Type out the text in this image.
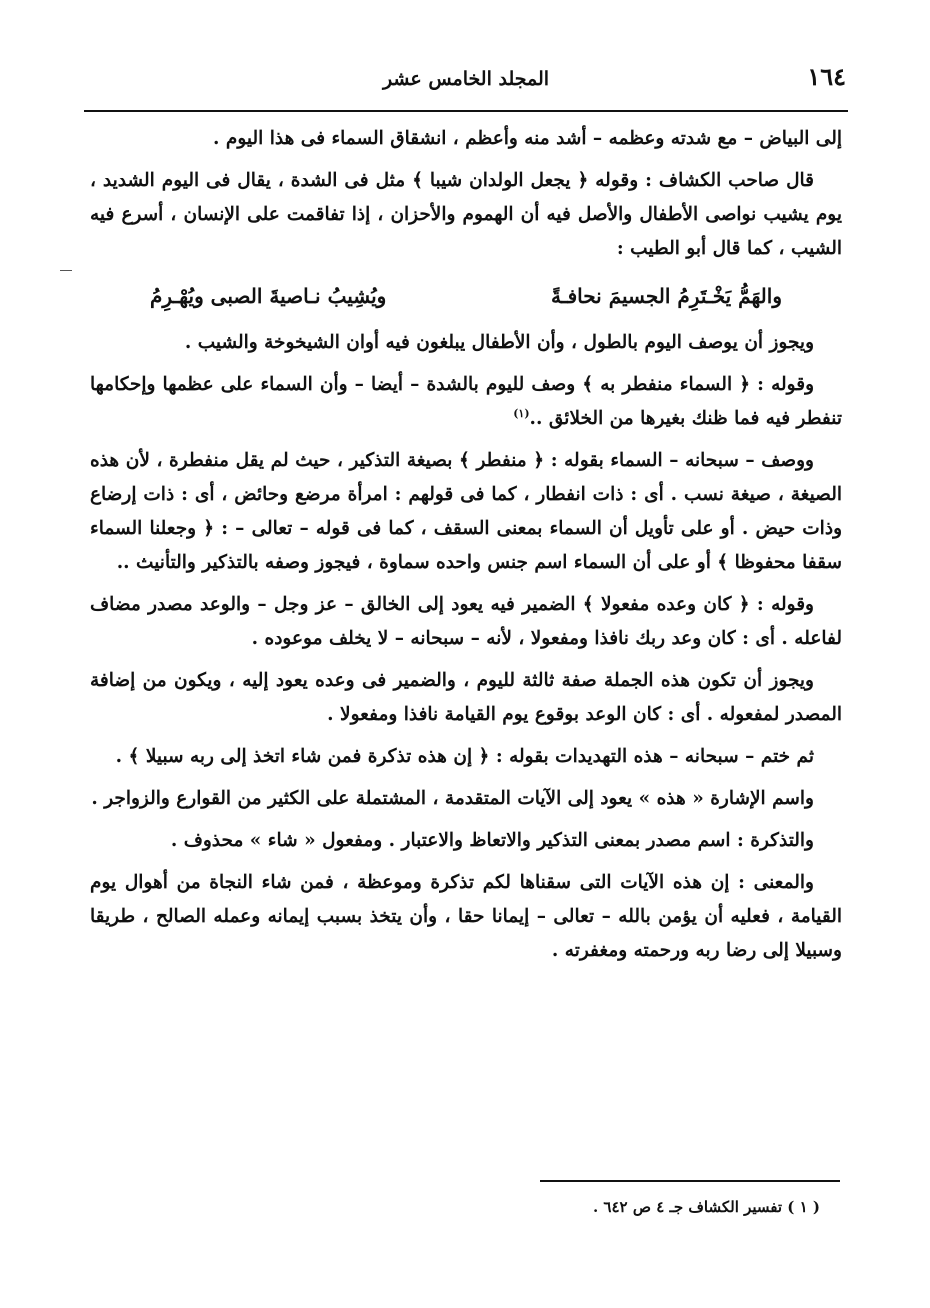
١٦٤
المجلد الخامس عشر

إلى البياض – مع شدته وعظمه – أشد منه وأعظم ، انشقاق السماء فى هذا اليوم .

قال صاحب الكشاف : وقوله ﴿ يجعل الولدان شيبا ﴾ مثل فى الشدة ، يقال فى اليوم الشديد ، يوم يشيب نواصى الأطفال والأصل فيه أن الهموم والأحزان ، إذا تفاقمت على الإنسان ، أسرع فيه الشيب ، كما قال أبو الطيب :

والهَمُّ يَخْـتَرِمُ الجسيمَ نحافـةً
ويُشِيبُ نـاصيةَ الصبى ويُهْـرِمُ

ويجوز أن يوصف اليوم بالطول ، وأن الأطفال يبلغون فيه أوان الشيخوخة والشيب .

وقوله : ﴿ السماء منفطر به ﴾ وصف لليوم بالشدة – أيضا – وأن السماء على عظمها وإحكامها تنفطر فيه فما ظنك بغيرها من الخلائق ..$^{(١)}$

ووصف – سبحانه – السماء بقوله : ﴿ منفطر ﴾ بصيغة التذكير ، حيث لم يقل منفطرة ، لأن هذه الصيغة ، صيغة نسب . أى : ذات انفطار ، كما فى قولهم : امرأة مرضع وحائض ، أى : ذات إرضاع وذات حيض . أو على تأويل أن السماء بمعنى السقف ، كما فى قوله – تعالى – : ﴿ وجعلنا السماء سقفا محفوظا ﴾ أو على أن السماء اسم جنس واحده سماوة ، فيجوز وصفه بالتذكير والتأنيث ..

وقوله : ﴿ كان وعده مفعولا ﴾ الضمير فيه يعود إلى الخالق – عز وجل – والوعد مصدر مضاف لفاعله . أى : كان وعد ربك نافذا ومفعولا ، لأنه – سبحانه – لا يخلف موعوده .

ويجوز أن تكون هذه الجملة صفة ثالثة لليوم ، والضمير فى وعده يعود إليه ، ويكون من إضافة المصدر لمفعوله . أى : كان الوعد بوقوع يوم القيامة نافذا ومفعولا .

ثم ختم – سبحانه – هذه التهديدات بقوله : ﴿ إن هذه تذكرة فمن شاء اتخذ إلى ربه سبيلا ﴾ .

واسم الإشارة « هذه » يعود إلى الآيات المتقدمة ، المشتملة على الكثير من القوارع والزواجر .

والتذكرة : اسم مصدر بمعنى التذكير والاتعاظ والاعتبار . ومفعول « شاء » محذوف .

والمعنى : إن هذه الآيات التى سقناها لكم تذكرة وموعظة ، فمن شاء النجاة من أهوال يوم القيامة ، فعليه أن يؤمن بالله – تعالى – إيمانا حقا ، وأن يتخذ بسبب إيمانه وعمله الصالح ، طريقا وسبيلا إلى رضا ربه ورحمته ومغفرته .

( ١ ) تفسير الكشاف جـ ٤ ص ٦٤٢ .
